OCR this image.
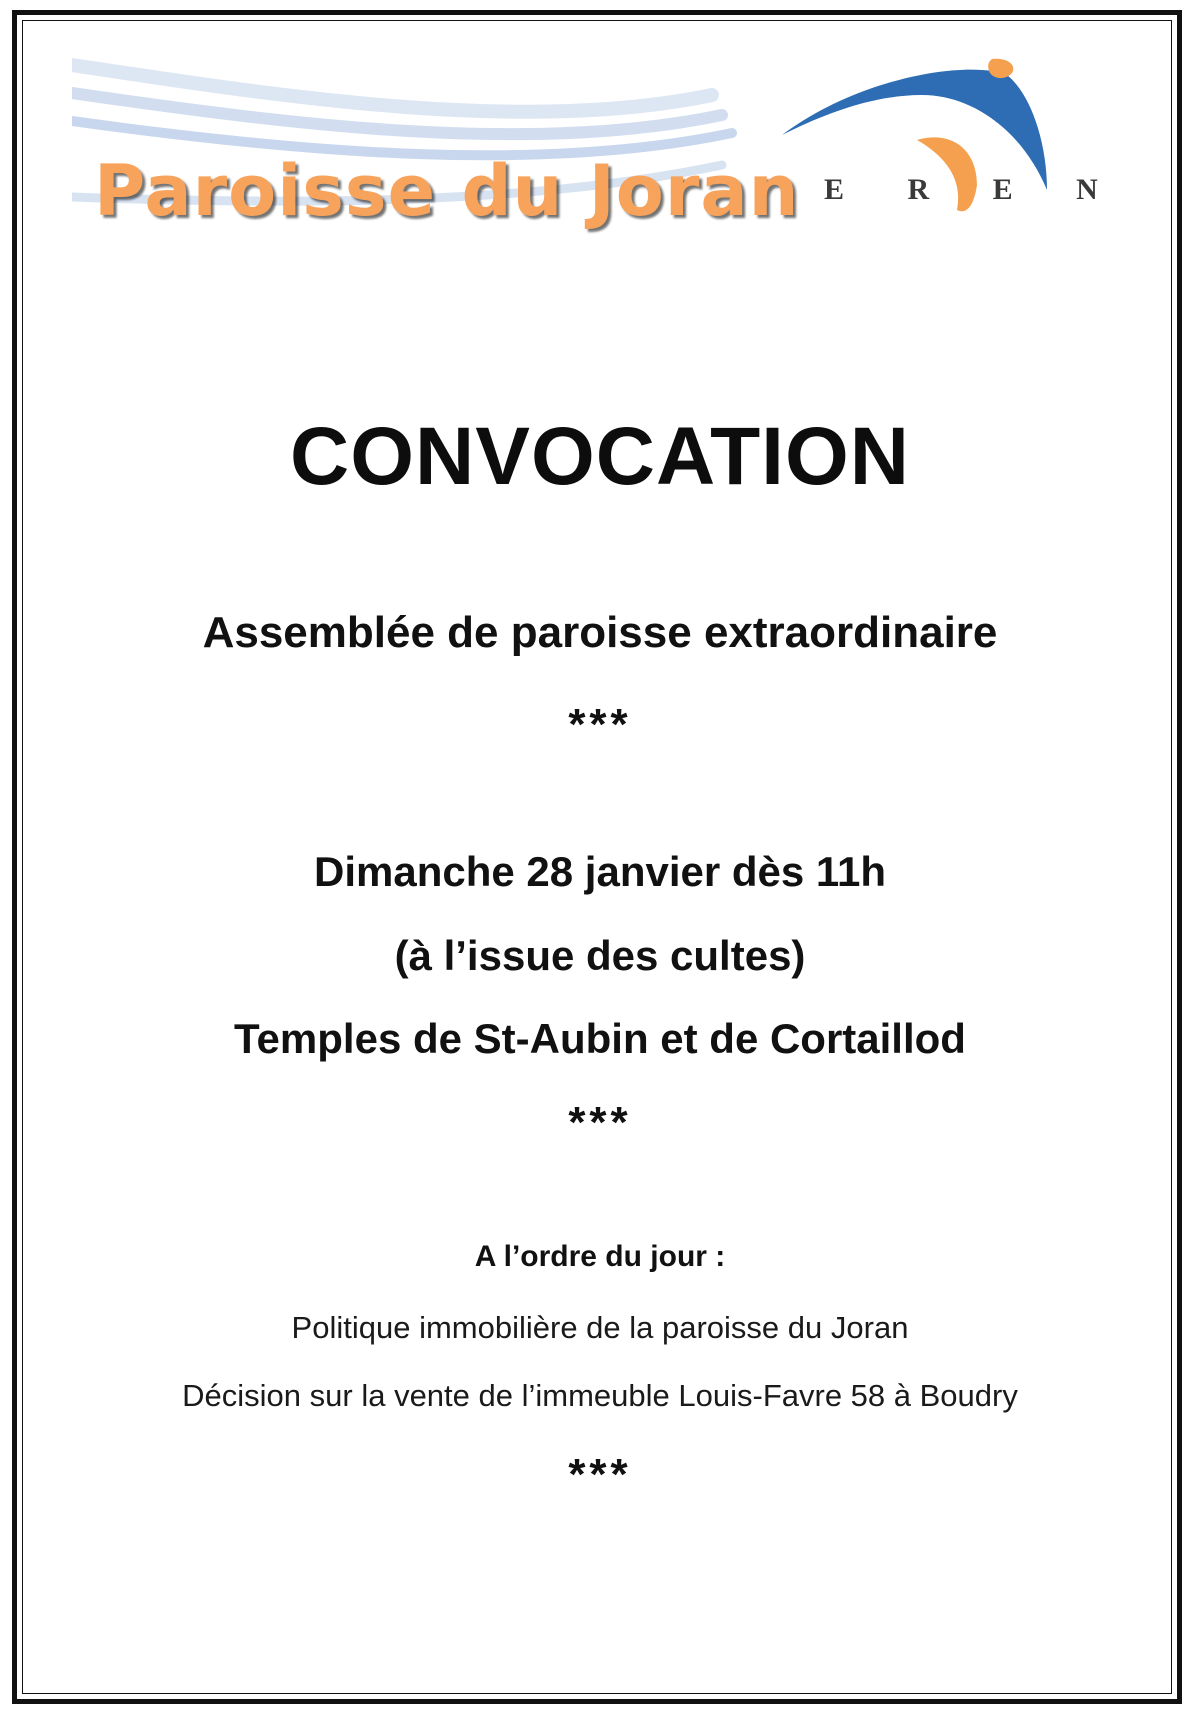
Paroisse du Joran E R E N
CONVOCATION
Assemblée de paroisse extraordinaire
***
Dimanche 28 janvier dès 11h
(à l’issue des cultes)
Temples de St-Aubin et de Cortaillod
***
A l’ordre du jour :
Politique immobilière de la paroisse du Joran
Décision sur la vente de l’immeuble Louis-Favre 58 à Boudry
***
